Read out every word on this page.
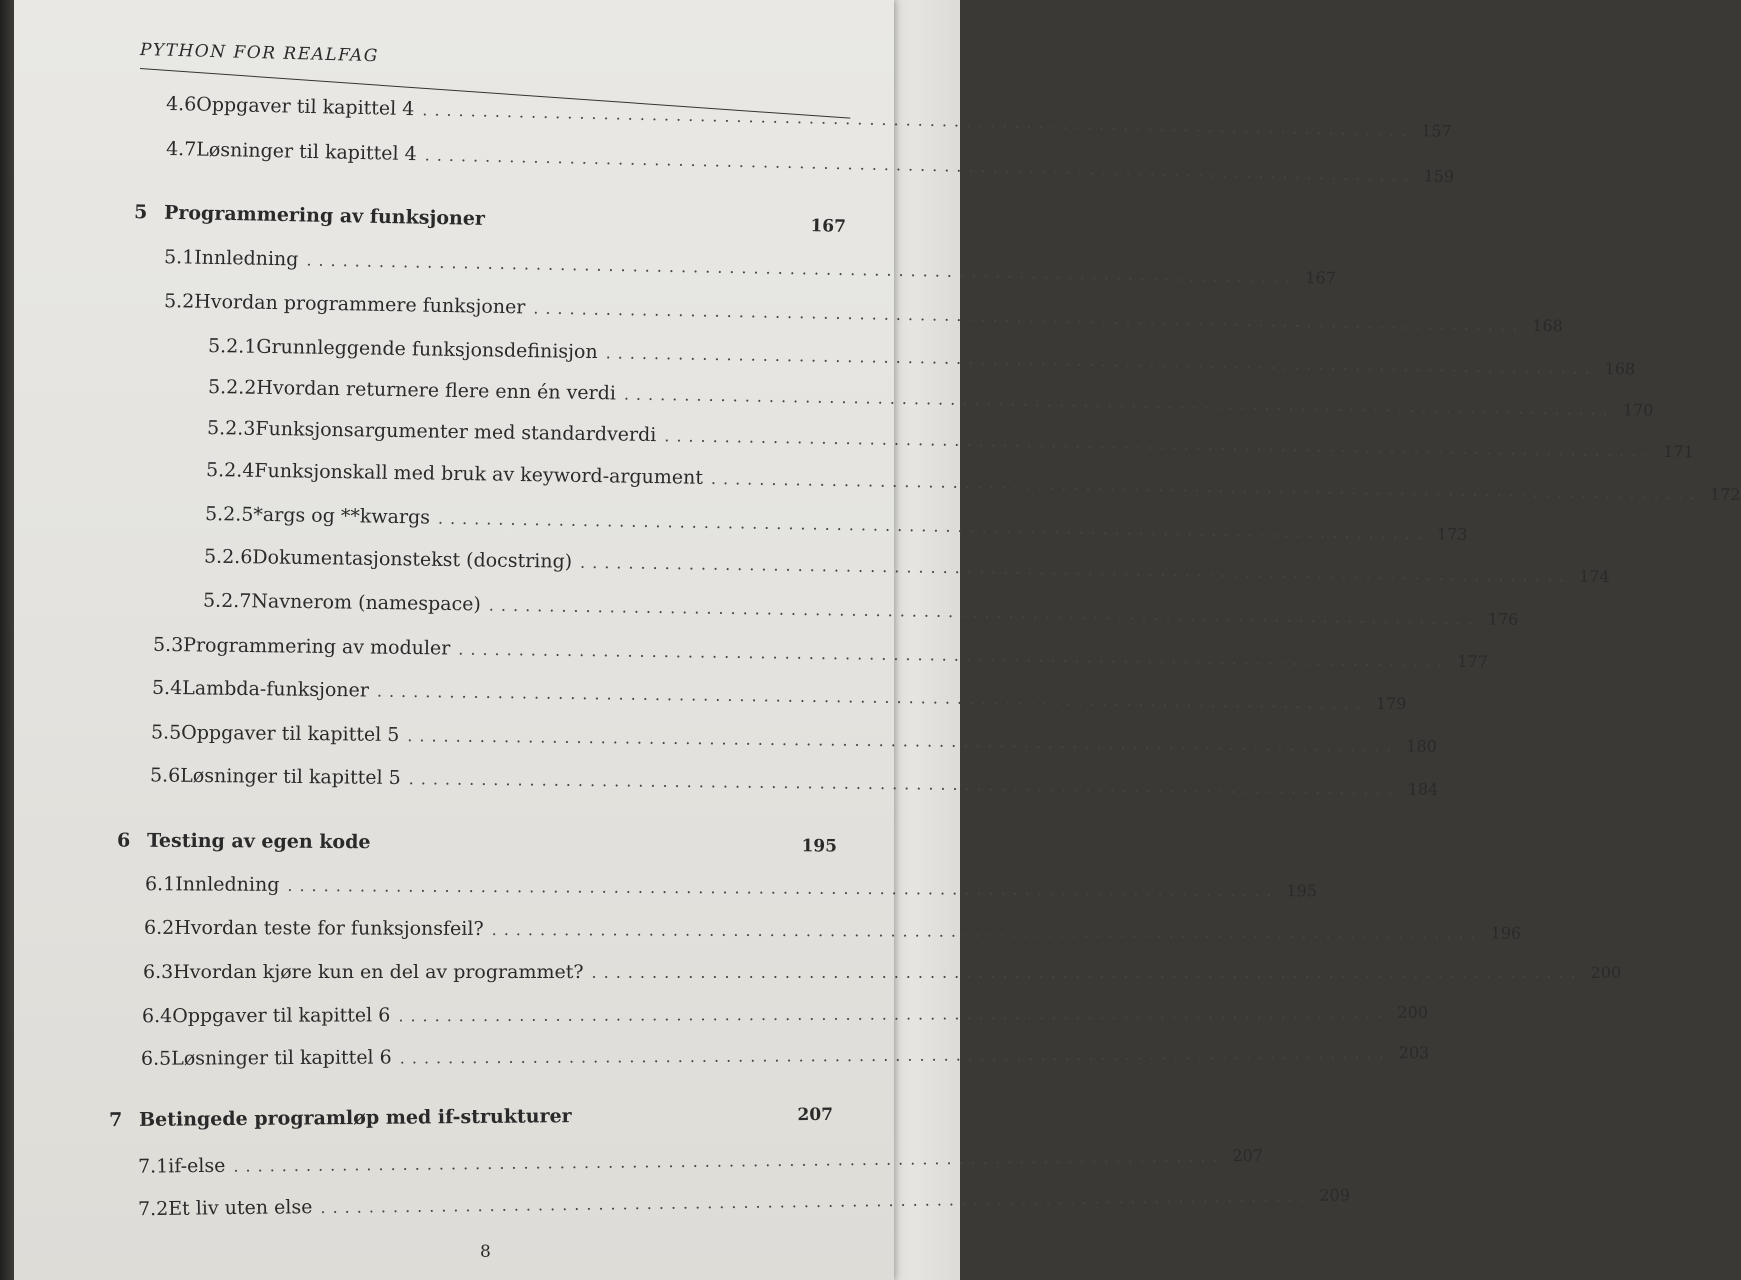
PYTHON FOR REALFAG
4.6 Oppgaver til kapittel 4 .................................................................................. 157
4.7 Løsninger til kapittel 4 .................................................................................. 159
5 Programmering av funksjoner	167
5.1 Innledning .................................................................................. 167
5.2 Hvordan programmere funksjoner .................................................................................. 168
5.2.1 Grunnleggende funksjonsdefinisjon .................................................................................. 168
5.2.2 Hvordan returnere flere enn én verdi .................................................................................. 170
5.2.3 Funksjonsargumenter med standardverdi .................................................................................. 171
5.2.4 Funksjonskall med bruk av keyword-argument .................................................................................. 172
5.2.5 *args og **kwargs .................................................................................. 173
5.2.6 Dokumentasjonstekst (docstring) .................................................................................. 174
5.2.7 Navnerom (namespace) .................................................................................. 176
5.3 Programmering av moduler .................................................................................. 177
5.4 Lambda-funksjoner .................................................................................. 179
5.5 Oppgaver til kapittel 5 .................................................................................. 180
5.6 Løsninger til kapittel 5 .................................................................................. 184
6 Testing av egen kode	195
6.1 Innledning .................................................................................. 195
6.2 Hvordan teste for funksjonsfeil? .................................................................................. 196
6.3 Hvordan kjøre kun en del av programmet? .................................................................................. 200
6.4 Oppgaver til kapittel 6 .................................................................................. 200
6.5 Løsninger til kapittel 6 .................................................................................. 203
7 Betingede programløp med if-strukturer	207
7.1 if-else .................................................................................. 207
7.2 Et liv uten else .................................................................................. 209
8
